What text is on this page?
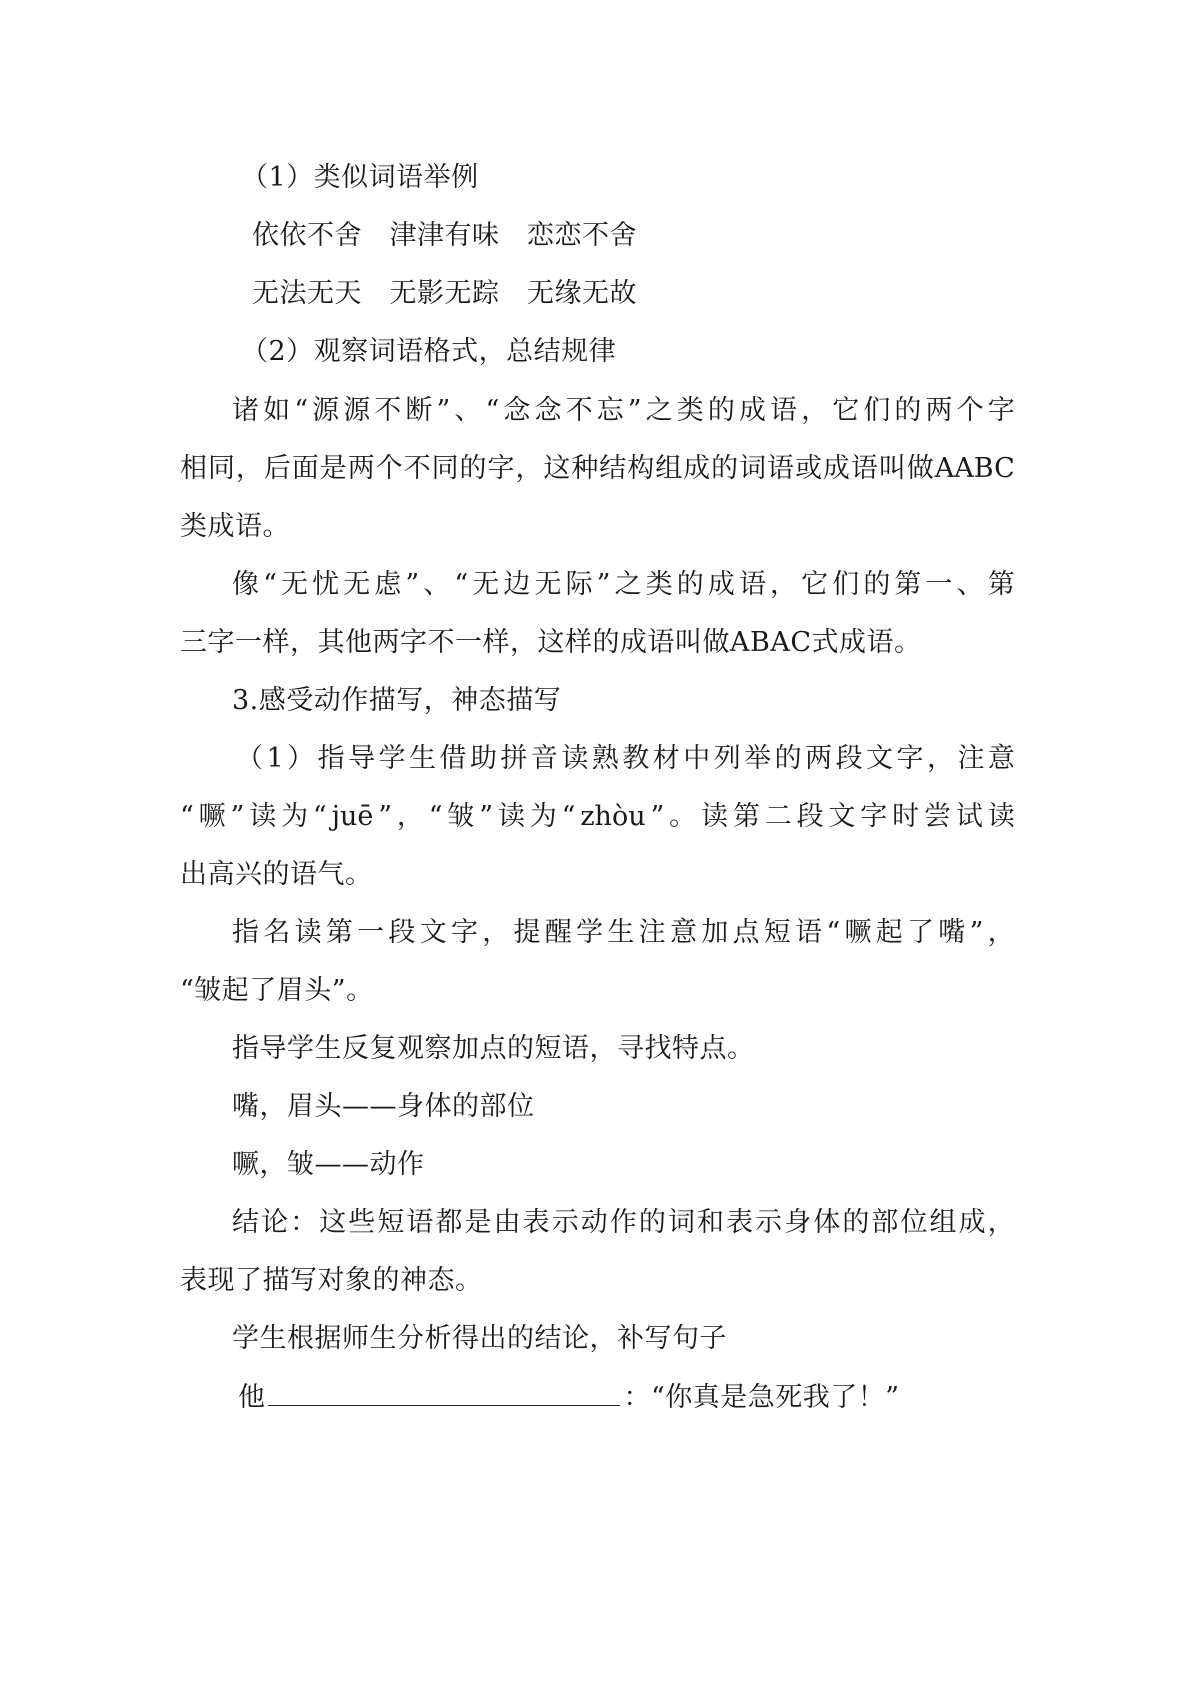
（1）类似词语举例
依依不舍　津津有味　恋恋不舍
无法无天　无影无踪　无缘无故
（2）观察词语格式，总结规律
诸 如 “ 源 源 不 断 ” 、 “ 念 念 不 忘 ” 之 类 的 成 语 ， 它 们 的 两 个 字
相 同 ， 后 面 是 两 个 不 同 的 字 ， 这 种 结 构 组 成 的 词 语 或 成 语 叫 做 AABC
类成语。
像 “ 无 忧 无 虑 ” 、 “ 无 边 无 际 ” 之 类 的 成 语 ， 它 们 的 第 一 、 第
三字一样，其他两字不一样，这样的成语叫做ABAC式成语。
3.感受动作描写，神态描写
（ 1 ） 指 导 学 生 借 助 拼 音 读 熟 教 材 中 列 举 的 两 段 文 字 ， 注 意
“ 噘 ” 读 为 “ juē ” ， “ 皱 ” 读 为 “ zhòu ” 。 读 第 二 段 文 字 时 尝 试 读
出高兴的语气。
指 名 读 第 一 段 文 字 ， 提 醒 学 生 注 意 加 点 短 语 “ 噘 起 了 嘴 ” ，
“皱起了眉头”。
指导学生反复观察加点的短语，寻找特点。
嘴，眉头——身体的部位
噘，皱——动作
结 论 ： 这 些 短 语 都 是 由 表 示 动 作 的 词 和 表 示 身 体 的 部 位 组 成 ，
表现了描写对象的神态。
学生根据师生分析得出的结论，补写句子
他	：“你真是急死我了！”
